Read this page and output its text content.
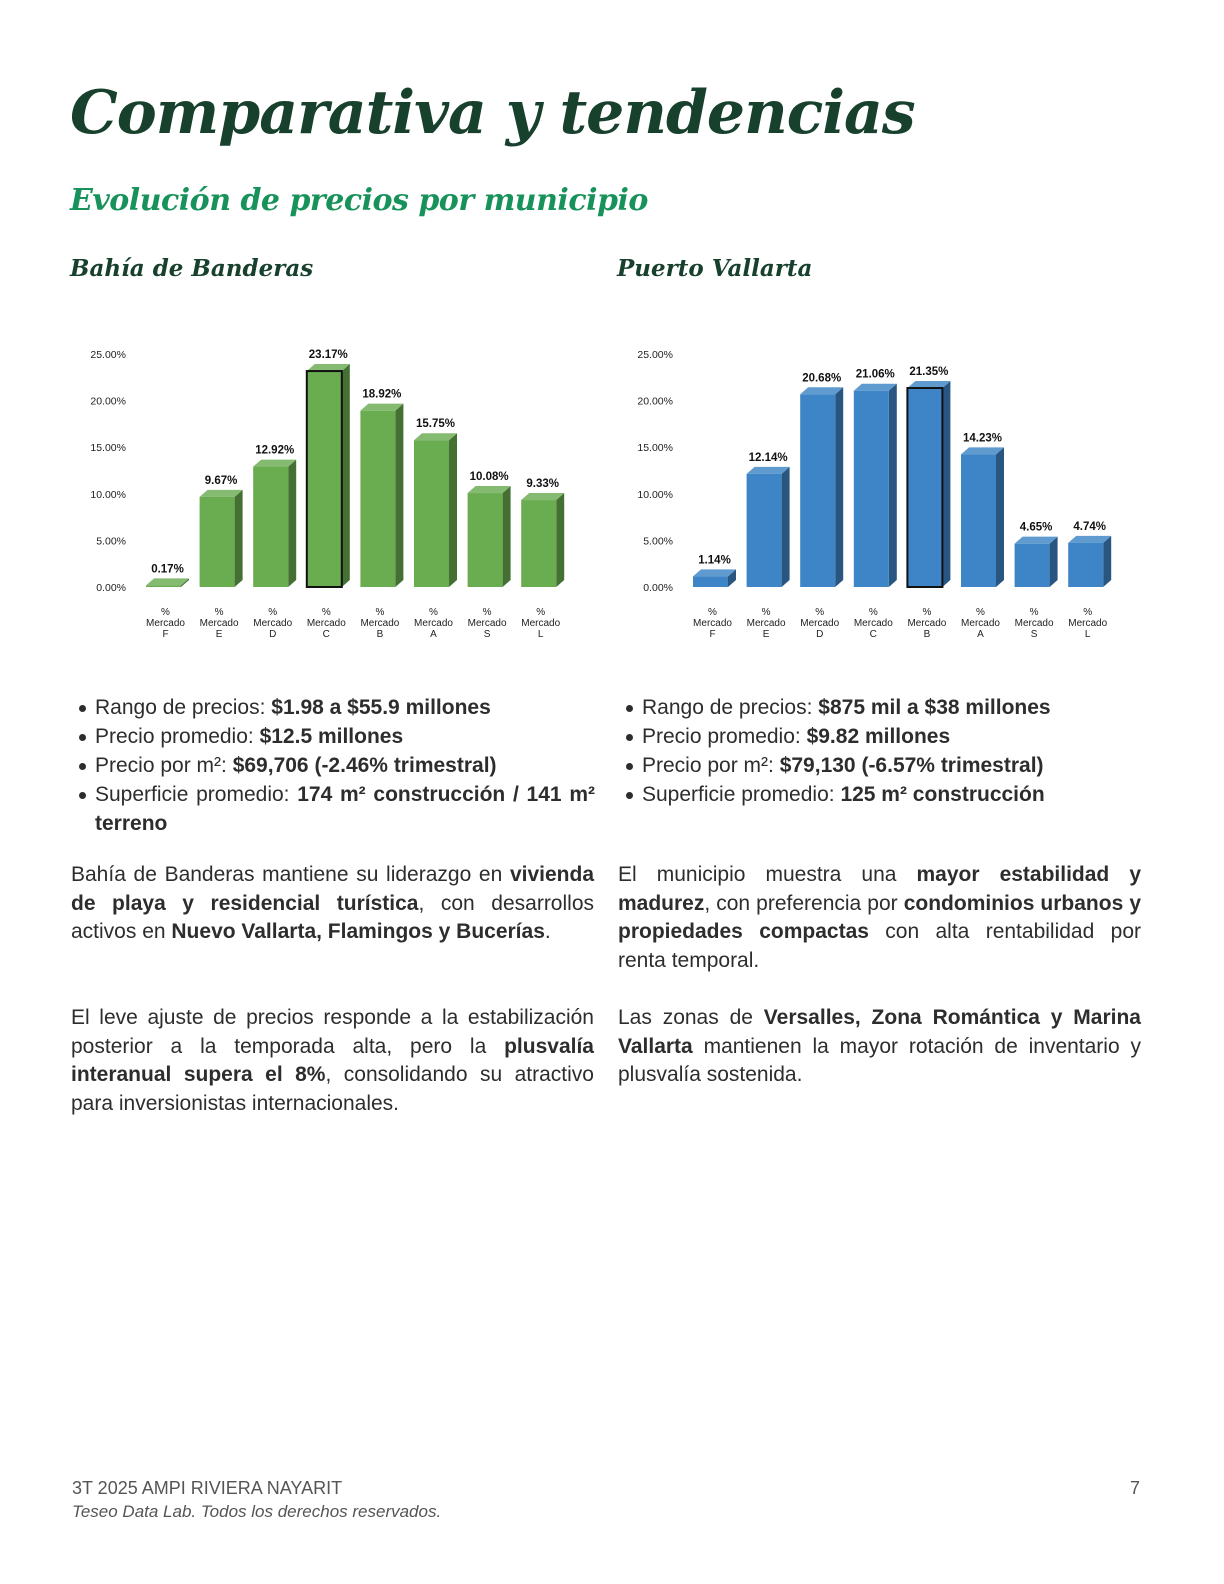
Comparativa y tendencias
Evolución de precios por municipio
Bahía de Banderas	Puerto Vallarta
0.00%
5.00%
10.00%
15.00%
20.00%
25.00%
0.17%
%
Mercado
F
9.67%
%
Mercado
E
12.92%
%
Mercado
D
23.17%
%
Mercado
C
18.92%
%
Mercado
B
15.75%
%
Mercado
A
10.08%
%
Mercado
S
9.33%
%
Mercado
L
0.00%
5.00%
10.00%
15.00%
20.00%
25.00%
1.14%
%
Mercado
F
12.14%
%
Mercado
E
20.68%
%
Mercado
D
21.06%
%
Mercado
C
21.35%
%
Mercado
B
14.23%
%
Mercado
A
4.65%
%
Mercado
S
4.74%
%
Mercado
L
Rango de precios: $1.98 a $55.9 millones
Precio promedio: $12.5 millones
Precio por m²: $69,706 (-2.46% trimestral)
Superficie promedio: 174 m² construcción / 141 m² terreno
Rango de precios: $875 mil a $38 millones
Precio promedio: $9.82 millones
Precio por m²: $79,130 (-6.57% trimestral)
Superficie promedio: 125 m² construcción

Bahía de Banderas mantiene su liderazgo en vivienda de playa y residencial turística, con desarrollos activos en Nuevo Vallarta, Flamingos y Bucerías.

El leve ajuste de precios responde a la estabilización posterior a la temporada alta, pero la plusvalía interanual supera el 8%, consolidando su atractivo para inversionistas internacionales.

El municipio muestra una mayor estabilidad y madurez, con preferencia por condominios urbanos y propiedades compactas con alta rentabilidad por renta temporal.

Las zonas de Versalles, Zona Romántica y Marina Vallarta mantienen la mayor rotación de inventario y plusvalía sostenida.

3T 2025 AMPI RIVIERA NAYARIT
Teseo Data Lab. Todos los derechos reservados.
7
